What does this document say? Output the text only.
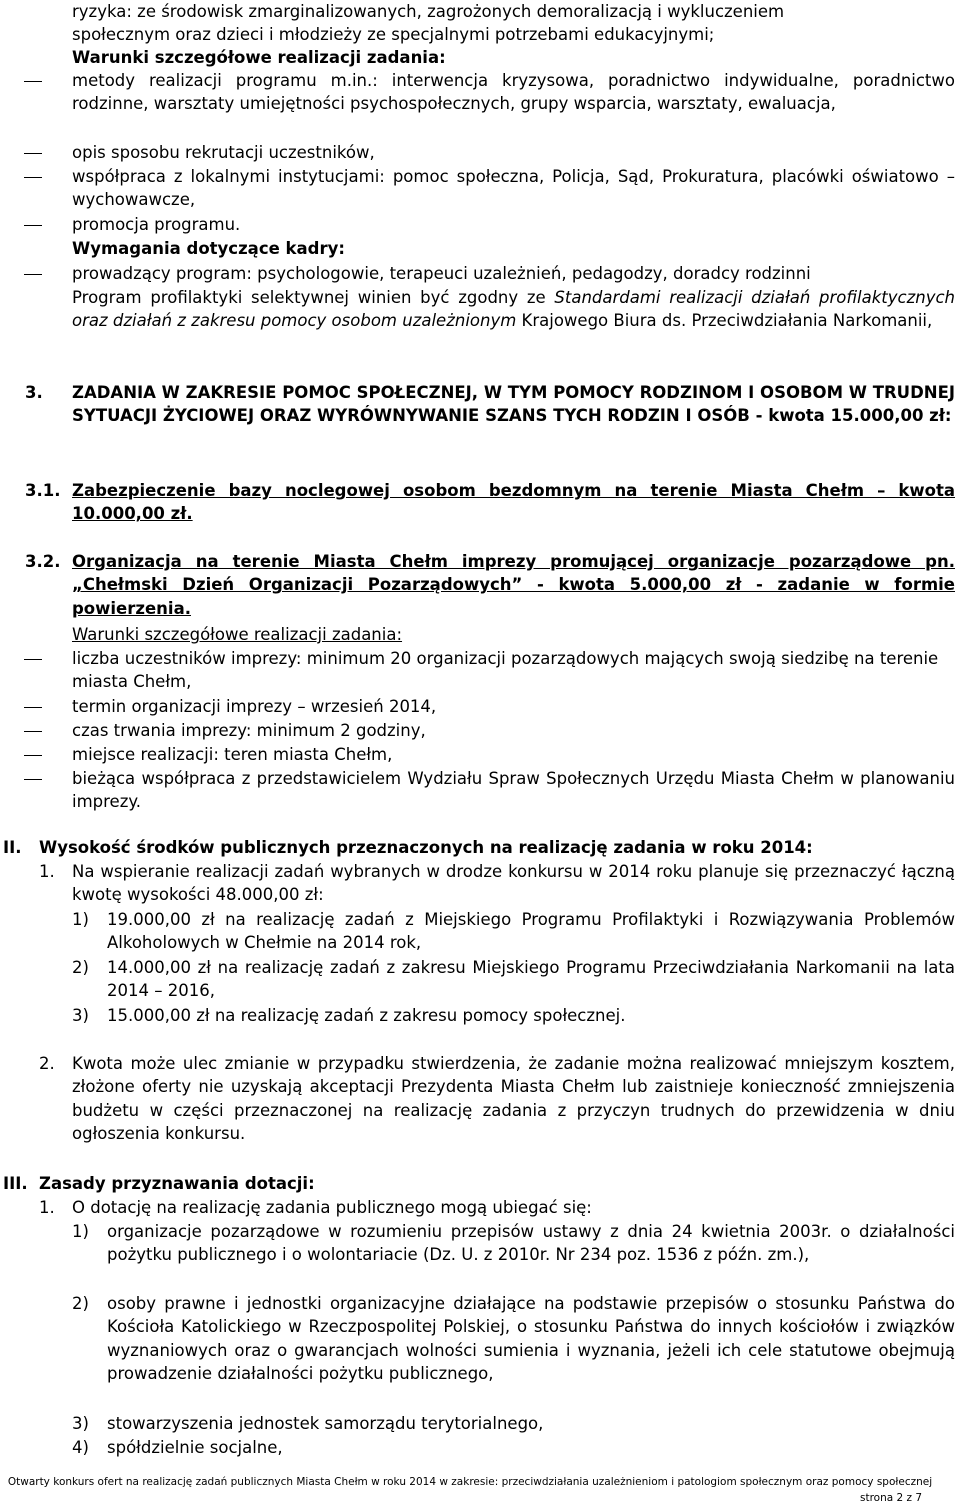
ryzyka: ze środowisk zmarginalizowanych, zagrożonych demoralizacją i wykluczeniem
społecznym oraz dzieci i młodzieży ze specjalnymi potrzebami edukacyjnymi;
Warunki szczegółowe realizacji zadania:
metody realizacji programu m.in.: interwencja kryzysowa, poradnictwo indywidualne, poradnictwo rodzinne, warsztaty umiejętności psychospołecznych, grupy wsparcia, warsztaty, ewaluacja,
opis sposobu rekrutacji uczestników,
współpraca z lokalnymi instytucjami: pomoc społeczna, Policja, Sąd, Prokuratura, placówki oświatowo – wychowawcze,
promocja programu.
Wymagania dotyczące kadry:
prowadzący program: psychologowie, terapeuci uzależnień, pedagodzy, doradcy rodzinni
Program profilaktyki selektywnej winien być zgodny ze Standardami realizacji działań profilaktycznych oraz działań z zakresu pomocy osobom uzależnionym Krajowego Biura ds. Przeciwdziałania Narkomanii,
3. ZADANIA W ZAKRESIE POMOC SPOŁECZNEJ, W TYM POMOCY RODZINOM I OSOBOM W TRUDNEJ SYTUACJI ŻYCIOWEJ ORAZ WYRÓWNYWANIE SZANS TYCH RODZIN I OSÓB - kwota 15.000,00 zł:
3.1. Zabezpieczenie bazy noclegowej osobom bezdomnym na terenie Miasta Chełm – kwota 10.000,00 zł.
3.2. Organizacja na terenie Miasta Chełm imprezy promującej organizacje pozarządowe pn. „Chełmski Dzień Organizacji Pozarządowych” - kwota 5.000,00 zł - zadanie w formie powierzenia.
Warunki szczegółowe realizacji zadania:
liczba uczestników imprezy: minimum 20 organizacji pozarządowych mających swoją siedzibę na terenie miasta Chełm,
termin organizacji imprezy – wrzesień 2014,
czas trwania imprezy: minimum 2 godziny,
miejsce realizacji: teren miasta Chełm,
bieżąca współpraca z przedstawicielem Wydziału Spraw Społecznych Urzędu Miasta Chełm w planowaniu imprezy.
II. Wysokość środków publicznych przeznaczonych na realizację zadania w roku 2014:
1. Na wspieranie realizacji zadań wybranych w drodze konkursu w 2014 roku planuje się przeznaczyć łączną kwotę wysokości 48.000,00 zł:
1) 19.000,00 zł na realizację zadań z Miejskiego Programu Profilaktyki i Rozwiązywania Problemów Alkoholowych w Chełmie na 2014 rok,
2) 14.000,00 zł na realizację zadań z zakresu Miejskiego Programu Przeciwdziałania Narkomanii na lata 2014 – 2016,
3) 15.000,00 zł na realizację zadań z zakresu pomocy społecznej.
2. Kwota może ulec zmianie w przypadku stwierdzenia, że zadanie można realizować mniejszym kosztem, złożone oferty nie uzyskają akceptacji Prezydenta Miasta Chełm lub zaistnieje konieczność zmniejszenia budżetu w części przeznaczonej na realizację zadania z przyczyn trudnych do przewidzenia w dniu ogłoszenia konkursu.
III. Zasady przyznawania dotacji:
1. O dotację na realizację zadania publicznego mogą ubiegać się:
1) organizacje pozarządowe w rozumieniu przepisów ustawy z dnia 24 kwietnia 2003r. o działalności pożytku publicznego i o wolontariacie (Dz. U. z 2010r. Nr 234 poz. 1536 z późn. zm.),
2) osoby prawne i jednostki organizacyjne działające na podstawie przepisów o stosunku Państwa do Kościoła Katolickiego w Rzeczpospolitej Polskiej, o stosunku Państwa do innych kościołów i związków wyznaniowych oraz o gwarancjach wolności sumienia i wyznania, jeżeli ich cele statutowe obejmują prowadzenie działalności pożytku publicznego,
3) stowarzyszenia jednostek samorządu terytorialnego,
4) spółdzielnie socjalne,
Otwarty konkurs ofert na realizację zadań publicznych Miasta Chełm w roku 2014 w zakresie: przeciwdziałania uzależnieniom i patologiom społecznym oraz pomocy społecznej
strona 2 z 7
